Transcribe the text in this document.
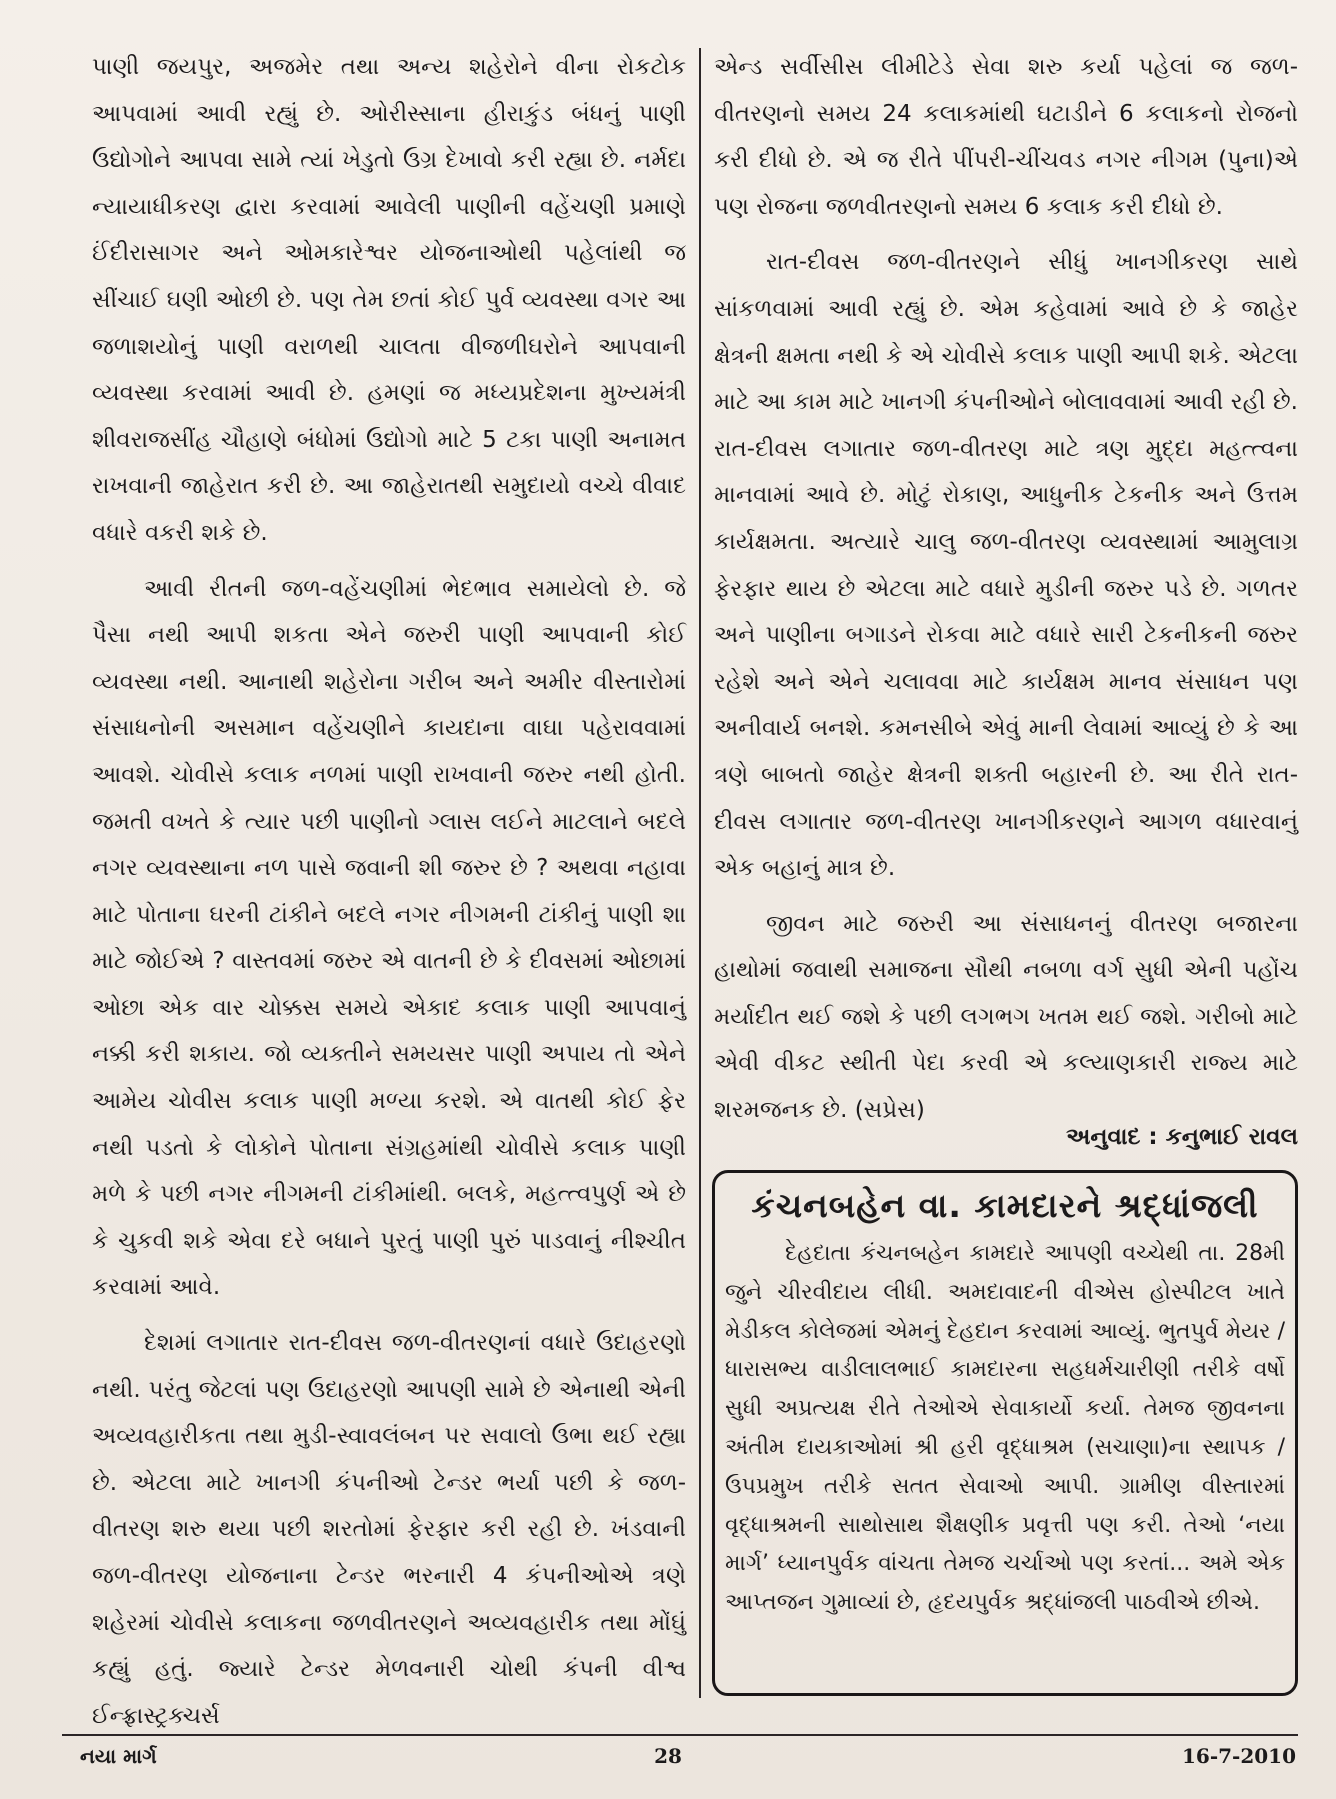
પાણી જયપુર, અજમેર તથા અન્ય શહેરોને વીના રોકટોક આપવામાં આવી રહ્યું છે. ઓરીસ્સાના હીરાકુંડ બંધનું પાણી ઉદ્યોગોને આપવા સામે ત્યાં ખેડુતો ઉગ્ર દેખાવો કરી રહ્યા છે. નર્મદા ન્યાયાધીકરણ દ્વારા કરવામાં આવેલી પાણીની વહેંચણી પ્રમાણે ઈંદીરાસાગર અને ઓમકારેશ્વર યોજનાઓથી પહેલાંથી જ સીંચાઈ ઘણી ઓછી છે. પણ તેમ છતાં કોઈ પુર્વ વ્યવસ્થા વગર આ જળાશયોનું પાણી વરાળથી ચાલતા વીજળીઘરોને આપવાની વ્યવસ્થા કરવામાં આવી છે. હમણાં જ મધ્યપ્રદેશના મુખ્યમંત્રી શીવરાજસીંહ ચૌહાણે બંધોમાં ઉદ્યોગો માટે 5 ટકા પાણી અનામત રાખવાની જાહેરાત કરી છે. આ જાહેરાતથી સમુદાયો વચ્ચે વીવાદ વધારે વકરી શકે છે.

આવી રીતની જળ-વહેંચણીમાં ભેદભાવ સમાયેલો છે. જે પૈસા નથી આપી શકતા એને જરુરી પાણી આપવાની કોઈ વ્યવસ્થા નથી. આનાથી શહેરોના ગરીબ અને અમીર વીસ્તારોમાં સંસાધનોની અસમાન વહેંચણીને કાયદાના વાઘા પહેરાવવામાં આવશે. ચોવીસે કલાક નળમાં પાણી રાખવાની જરુર નથી હોતી. જમતી વખતે કે ત્યાર પછી પાણીનો ગ્લાસ લઈને માટલાને બદલે નગર વ્યવસ્થાના નળ પાસે જવાની શી જરુર છે ? અથવા નહાવા માટે પોતાના ઘરની ટાંકીને બદલે નગર નીગમની ટાંકીનું પાણી શા માટે જોઈએ ? વાસ્તવમાં જરુર એ વાતની છે કે દીવસમાં ઓછામાં ઓછા એક વાર ચોક્કસ સમયે એકાદ કલાક પાણી આપવાનું નક્કી કરી શકાય. જો વ્યક્તીને સમયસર પાણી અપાય તો એને આમેય ચોવીસ કલાક પાણી મળ્યા કરશે. એ વાતથી કોઈ ફેર નથી પડતો કે લોકોને પોતાના સંગ્રહમાંથી ચોવીસે કલાક પાણી મળે કે પછી નગર નીગમની ટાંકીમાંથી. બલકે, મહત્ત્વપુર્ણ એ છે કે ચુકવી શકે એવા દરે બધાને પુરતું પાણી પુરું પાડવાનું નીશ્ચીત કરવામાં આવે.

દેશમાં લગાતાર રાત-દીવસ જળ-વીતરણનાં વધારે ઉદાહરણો નથી. પરંતુ જેટલાં પણ ઉદાહરણો આપણી સામે છે એનાથી એની અવ્યવહારીકતા તથા મુડી-સ્વાવલંબન પર સવાલો ઉભા થઈ રહ્યા છે. એટલા માટે ખાનગી કંપનીઓ ટેન્ડર ભર્યા પછી કે જળ-વીતરણ શરુ થયા પછી શરતોમાં ફેરફાર કરી રહી છે. ખંડવાની જળ-વીતરણ યોજનાના ટેન્ડર ભરનારી 4 કંપનીઓએ ત્રણે શહેરમાં ચોવીસે કલાકના જળવીતરણને અવ્યવહારીક તથા મોંઘું કહ્યું હતું. જ્યારે ટેન્ડર મેળવનારી ચોથી કંપની વીશ્વ ઈન્ફ્રાસ્ટ્રક્ચર્સ

એન્ડ સર્વીસીસ લીમીટેડે સેવા શરુ કર્યા પહેલાં જ જળ-વીતરણનો સમય 24 કલાકમાંથી ઘટાડીને 6 કલાકનો રોજનો કરી દીધો છે. એ જ રીતે પીંપરી-ચીંચવડ નગર નીગમ (પુના)એ પણ રોજના જળવીતરણનો સમય 6 કલાક કરી દીધો છે.

રાત-દીવસ જળ-વીતરણને સીધું ખાનગીકરણ સાથે સાંકળવામાં આવી રહ્યું છે. એમ કહેવામાં આવે છે કે જાહેર ક્ષેત્રની ક્ષમતા નથી કે એ ચોવીસે કલાક પાણી આપી શકે. એટલા માટે આ કામ માટે ખાનગી કંપનીઓને બોલાવવામાં આવી રહી છે. રાત-દીવસ લગાતાર જળ-વીતરણ માટે ત્રણ મુદ્દા મહત્ત્વના માનવામાં આવે છે. મોટું રોકાણ, આધુનીક ટેકનીક અને ઉત્તમ કાર્યક્ષમતા. અત્યારે ચાલુ જળ-વીતરણ વ્યવસ્થામાં આમુલાગ્ર ફેરફાર થાય છે એટલા માટે વધારે મુડીની જરુર પડે છે. ગળતર અને પાણીના બગાડને રોકવા માટે વધારે સારી ટેકનીકની જરુર રહેશે અને એને ચલાવવા માટે કાર્યક્ષમ માનવ સંસાધન પણ અનીવાર્ય બનશે. કમનસીબે એવું માની લેવામાં આવ્યું છે કે આ ત્રણે બાબતો જાહેર ક્ષેત્રની શક્તી બહારની છે. આ રીતે રાત-દીવસ લગાતાર જળ-વીતરણ ખાનગીકરણને આગળ વધારવાનું એક બહાનું માત્ર છે.

જીવન માટે જરુરી આ સંસાધનનું વીતરણ બજારના હાથોમાં જવાથી સમાજના સૌથી નબળા વર્ગ સુધી એની પહોંચ મર્યાદીત થઈ જશે કે પછી લગભગ ખતમ થઈ જશે. ગરીબો માટે એવી વીકટ સ્થીતી પેદા કરવી એ કલ્યાણકારી રાજ્ય માટે શરમજનક છે. (સપ્રેસ)

અનુવાદ : કનુભાઈ રાવલ
કંચનબહેન વા. કામદારને શ્રદ્ધાંજલી

દેહદાતા કંચનબહેન કામદારે આપણી વચ્ચેથી તા. 28મી જુને ચીરવીદાય લીધી. અમદાવાદની વીએસ હોસ્પીટલ ખાતે મેડીકલ કોલેજમાં એમનું દેહદાન કરવામાં આવ્યું. ભુતપુર્વ મેયર / ધારાસભ્ય વાડીલાલભાઈ કામદારના સહધર્મચારીણી તરીકે વર્ષો સુધી અપ્રત્યક્ષ રીતે તેઓએ સેવાકાર્યો કર્યા. તેમજ જીવનના અંતીમ દાયકાઓમાં શ્રી હરી વૃદ્ધાશ્રમ (સચાણા)ના સ્થાપક / ઉપપ્રમુખ તરીકે સતત સેવાઓ આપી. ગ્રામીણ વીસ્તારમાં વૃદ્ધાશ્રમની સાથોસાથ શૈક્ષણીક પ્રવૃત્તી પણ કરી. તેઓ ‘નયા માર્ગ’ ધ્યાનપુર્વક વાંચતા તેમજ ચર્ચાઓ પણ કરતાં... અમે એક આપ્તજન ગુમાવ્યાં છે, હૃદયપુર્વક શ્રદ્ધાંજલી પાઠવીએ છીએ.

નયા માર્ગ	28	16-7-2010
